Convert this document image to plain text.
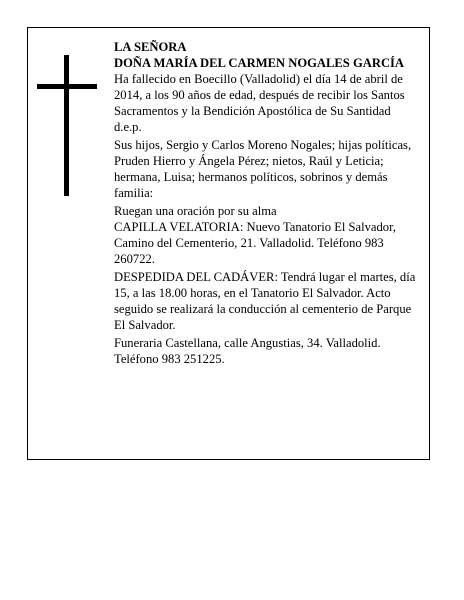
LA SEÑORA

DOÑA MARÍA DEL CARMEN NOGALES GARCÍA

Ha fallecido en Boecillo (Valladolid) el día 14 de abril de 2014, a los 90 años de edad, después de recibir los Santos Sacramentos y la Bendición Apostólica de Su Santidad

d.e.p.

Sus hijos, Sergio y Carlos Moreno Nogales; hijas políticas, Pruden Hierro y Ángela Pérez; nietos, Raúl y Leticia; hermana, Luisa; hermanos políticos, sobrinos y demás familia:

Ruegan una oración por su alma

CAPILLA VELATORIA: Nuevo Tanatorio El Salvador, Camino del Cementerio, 21. Valladolid. Teléfono 983 260722.

DESPEDIDA DEL CADÁVER: Tendrá lugar el martes, día 15, a las 18.00 horas, en el Tanatorio El Salvador. Acto seguido se realizará la conducción al cementerio de Parque El Salvador.

Funeraria Castellana, calle Angustias, 34. Valladolid. Teléfono 983 251225.
